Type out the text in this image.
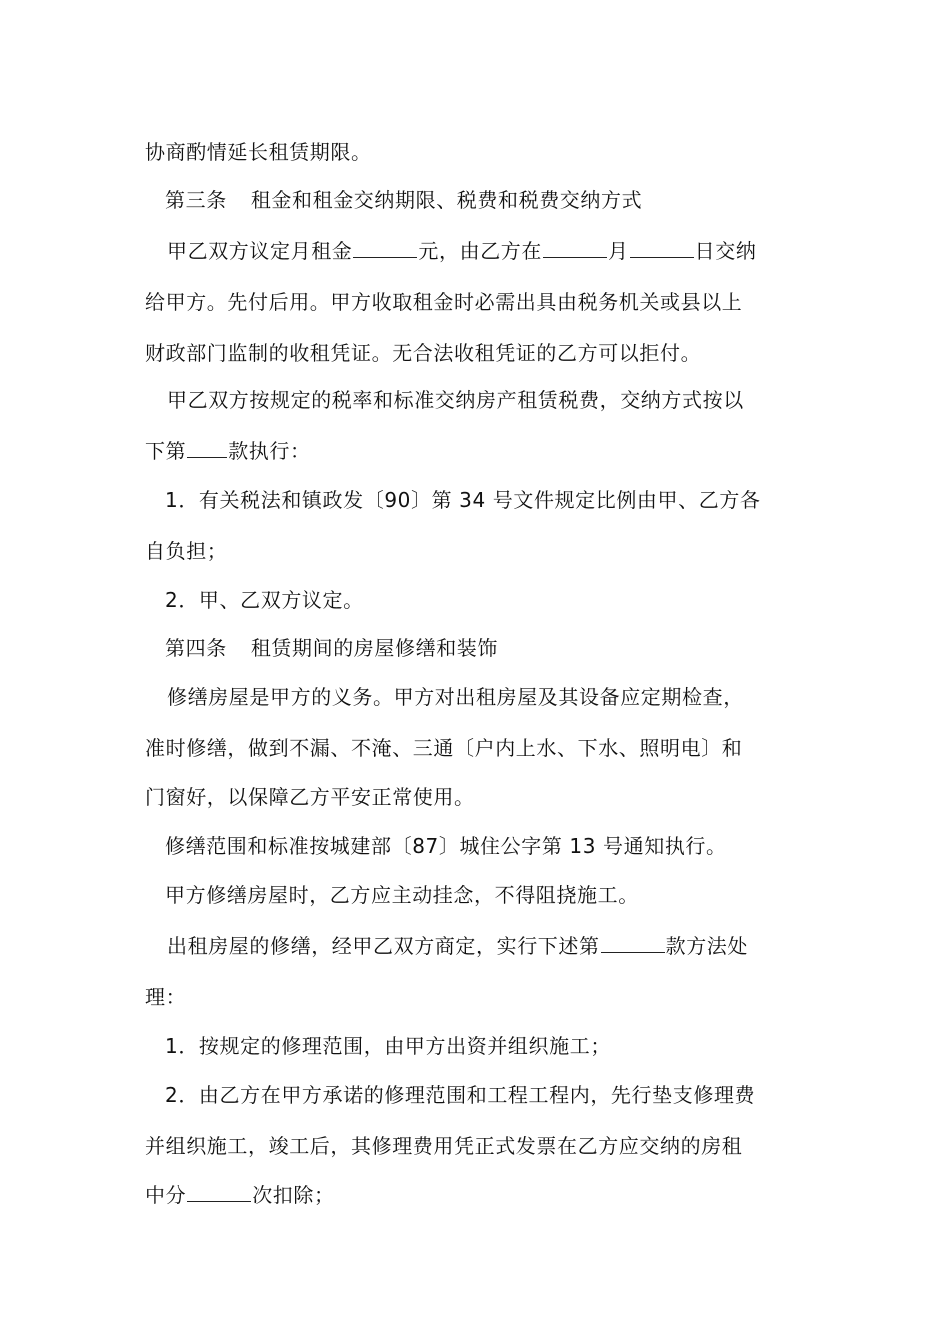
协商酌情延长租赁期限。
第三条 租金和租金交纳期限、税费和税费交纳方式
甲乙双方议定月租金	元，由乙方在	月	日交纳
给甲方。先付后用。甲方收取租金时必需出具由税务机关或县以上
财政部门监制的收租凭证。无合法收租凭证的乙方可以拒付。
甲乙双方按规定的税率和标准交纳房产租赁税费，交纳方式按以
下第 款执行：
1．有关税法和镇政发〔90〕第 34 号文件规定比例由甲、乙方各
自负担；
2．甲、乙双方议定。
第四条 租赁期间的房屋修缮和装饰
修缮房屋是甲方的义务。甲方对出租房屋及其设备应定期检查，
准时修缮，做到不漏、不淹、三通〔户内上水、下水、照明电〕和
门窗好，以保障乙方平安正常使用。
修缮范围和标准按城建部〔87〕城住公字第 13 号通知执行。
甲方修缮房屋时，乙方应主动挂念，不得阻挠施工。
出租房屋的修缮，经甲乙双方商定，实行下述第	款方法处
理：
1．按规定的修理范围，由甲方出资并组织施工；
2．由乙方在甲方承诺的修理范围和工程工程内，先行垫支修理费
并组织施工，竣工后，其修理费用凭正式发票在乙方应交纳的房租
中分	次扣除；
